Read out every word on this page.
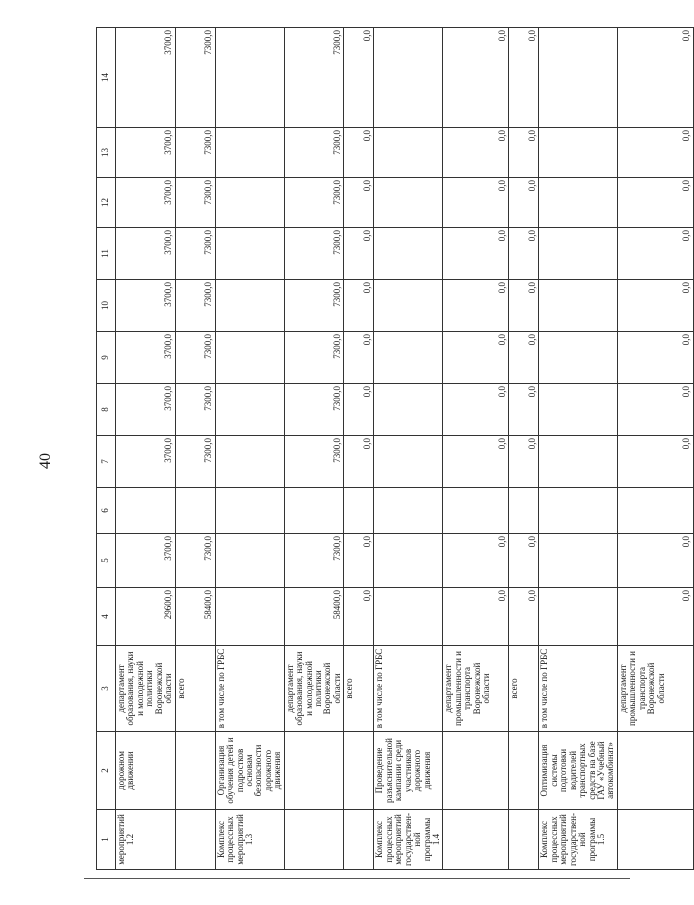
40
1	2	3	4	5	6	7	8	9	10	11	12	13	14
мероприятий 1.2	дорожном движении	департамент образования, науки и молодежной политики Воронежской области	29600,0	3700,0		3700,0	3700,0	3700,0	3700,0	3700,0	3700,0	3700,0	3700,0
		всего	58400,0	7300,0		7300,0	7300,0	7300,0	7300,0	7300,0	7300,0	7300,0	7300,0
Комплекс процессных мероприятий 1.3	Организация обучения детей и подростков основам безопасности дорожного движения	в том числе по ГРБС											
		департамент образования, науки и молодежной политики Воронежской области	58400,0	7300,0		7300,0	7300,0	7300,0	7300,0	7300,0	7300,0	7300,0	7300,0
		всего	0,0	0,0		0,0	0,0	0,0	0,0	0,0	0,0	0,0	0,0
Комплекс процессных мероприятий государствен-ной программы 1.4	Проведение разъяснительной кампании среди участников дорожного движения	в том числе по ГРБС											
		департамент промышленности и транспорта Воронежской области	0,0	0,0		0,0	0,0	0,0	0,0	0,0	0,0	0,0	0,0
		всего	0,0	0,0		0,0	0,0	0,0	0,0	0,0	0,0	0,0	0,0
Комплекс процессных мероприятий государствен-ной программы 1.5	Оптимизация системы подготовки водителей транспортных средств на базе ГАУ «Учебный автокомбинат»	в том числе по ГРБС											
		департамент промышленности и транспорта Воронежской области	0,0	0,0		0,0	0,0	0,0	0,0	0,0	0,0	0,0	0,0
